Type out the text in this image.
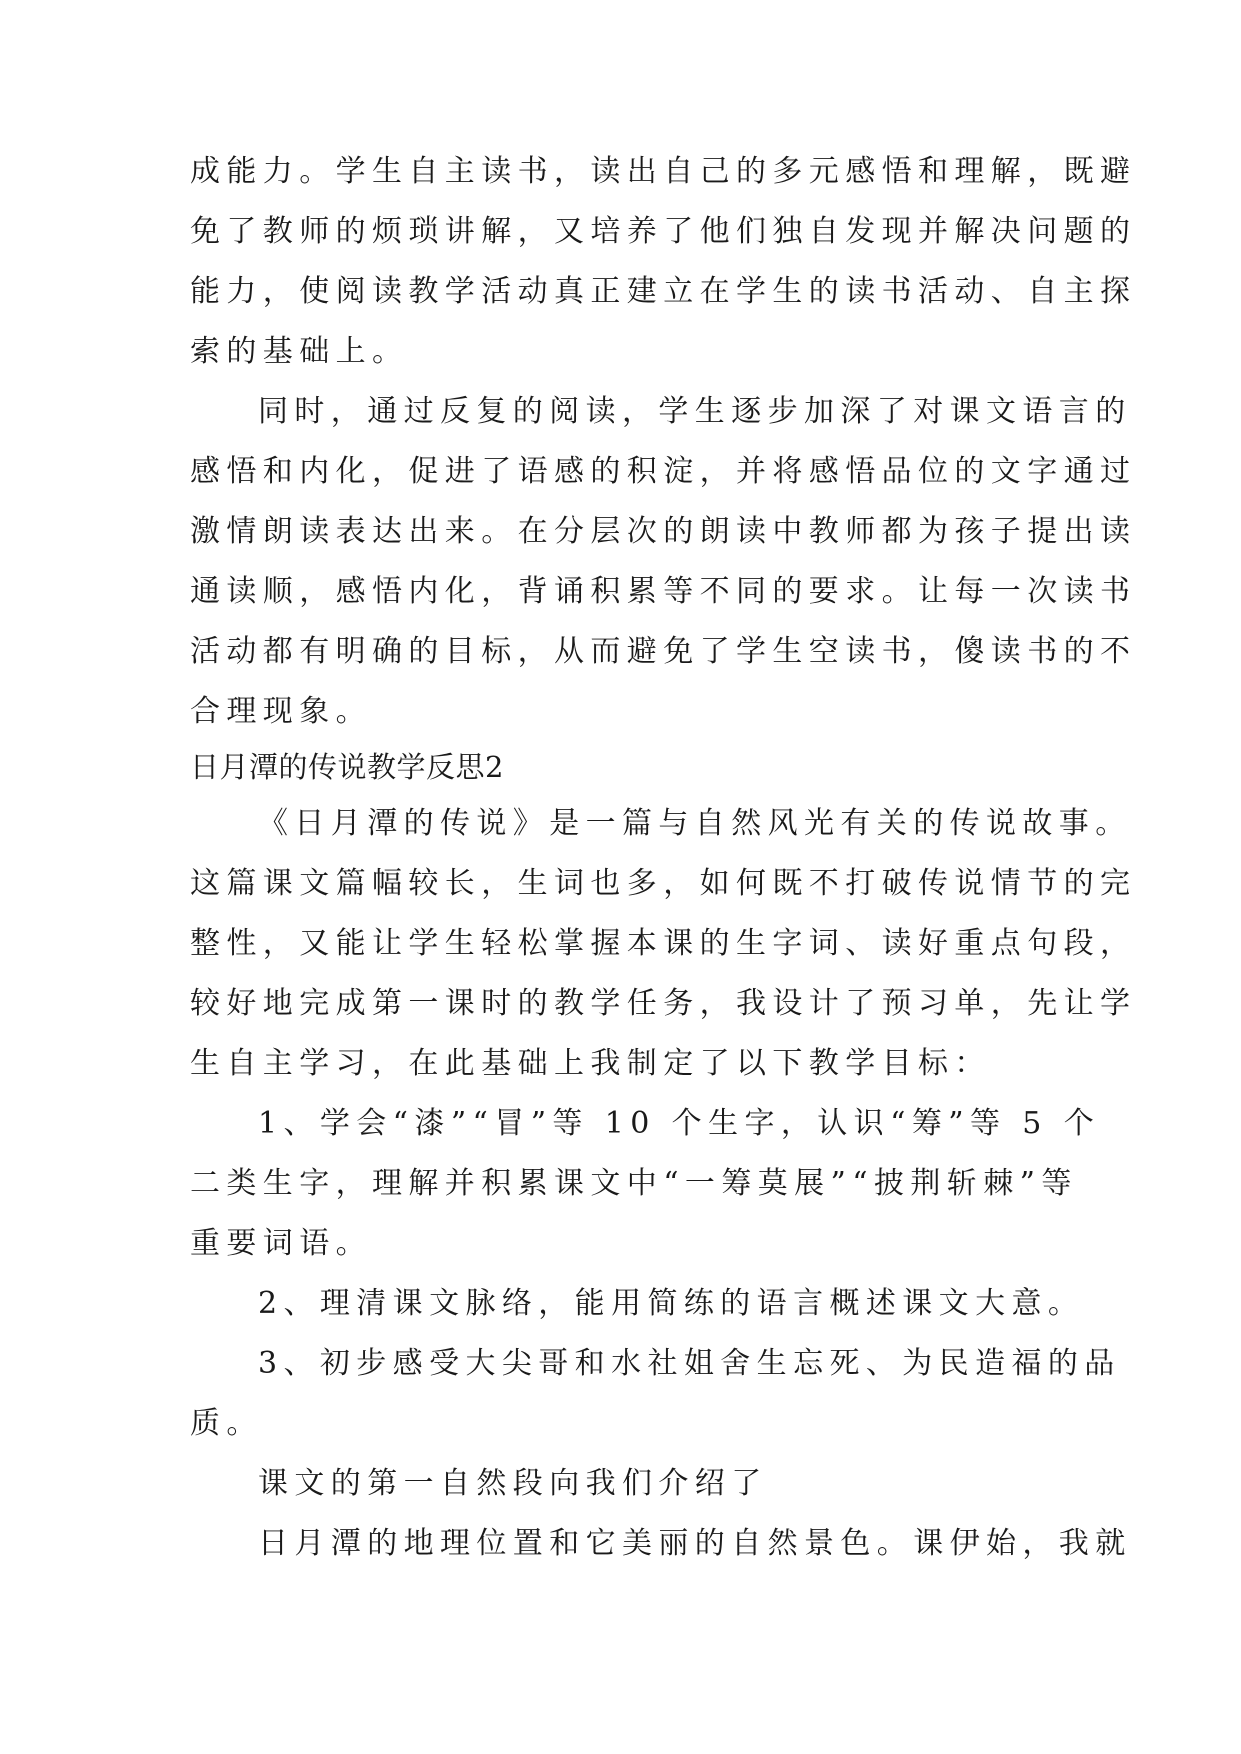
成能力。学生自主读书，读出自己的多元感悟和理解，既避
免了教师的烦琐讲解，又培养了他们独自发现并解决问题的
能力，使阅读教学活动真正建立在学生的读书活动、自主探
索的基础上。
同时，通过反复的阅读，学生逐步加深了对课文语言的
感悟和内化，促进了语感的积淀，并将感悟品位的文字通过
激情朗读表达出来。在分层次的朗读中教师都为孩子提出读
通读顺，感悟内化，背诵积累等不同的要求。让每一次读书
活动都有明确的目标，从而避免了学生空读书，傻读书的不
合理现象。
日月潭的传说教学反思2
《日月潭的传说》是一篇与自然风光有关的传说故事。
这篇课文篇幅较长，生词也多，如何既不打破传说情节的完
整性，又能让学生轻松掌握本课的生字词、读好重点句段，
较好地完成第一课时的教学任务，我设计了预习单，先让学
生自主学习，在此基础上我制定了以下教学目标：
1、学会“漆”“冒”等 10 个生字，认识“筹”等 5 个
二类生字，理解并积累课文中“一筹莫展”“披荆斩棘”等
重要词语。
2、理清课文脉络，能用简练的语言概述课文大意。
3、初步感受大尖哥和水社姐舍生忘死、为民造福的品
质。
课文的第一自然段向我们介绍了
日月潭的地理位置和它美丽的自然景色。课伊始，我就
